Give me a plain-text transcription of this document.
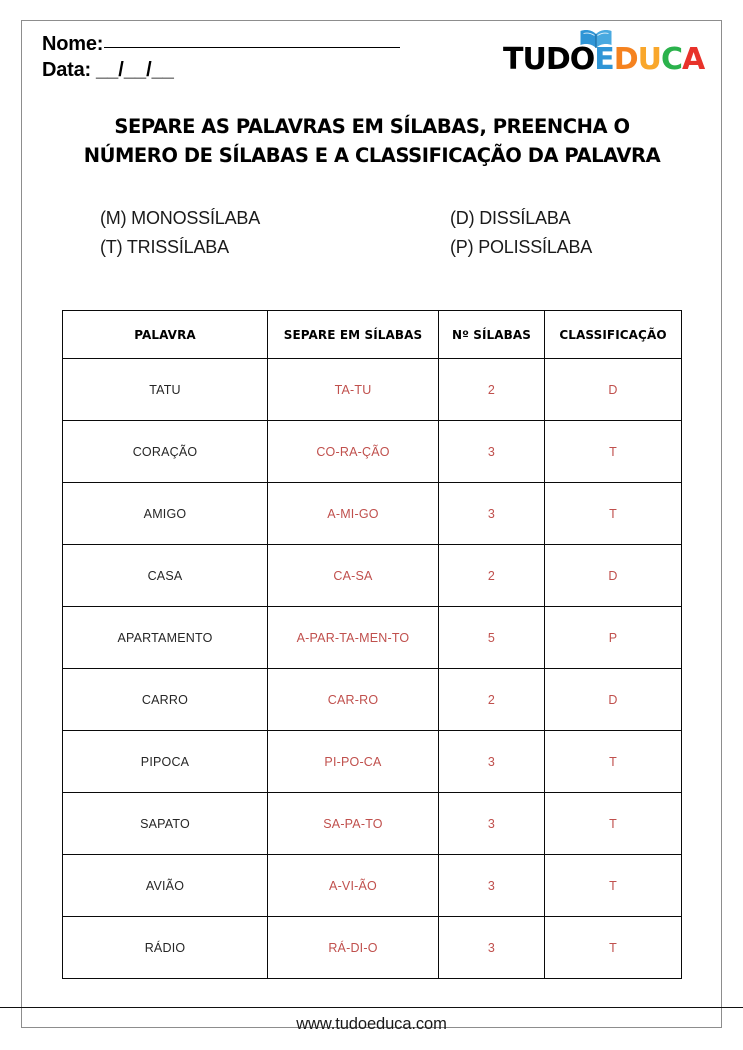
Nome:
Data: __/__/__	TUDOEDUCA
SEPARE AS PALAVRAS EM SÍLABAS, PREENCHA O
NÚMERO DE SÍLABAS E A CLASSIFICAÇÃO DA PALAVRA
(M) MONOSSÍLABA	(D) DISSÍLABA
(T) TRISSÍLABA	(P) POLISSÍLABA
PALAVRA	SEPARE EM SÍLABAS	Nº SÍLABAS	CLASSIFICAÇÃO
TATU	TA-TU	2	D
CORAÇÃO	CO-RA-ÇÃO	3	T
AMIGO	A-MI-GO	3	T
CASA	CA-SA	2	D
APARTAMENTO	A-PAR-TA-MEN-TO	5	P
CARRO	CAR-RO	2	D
PIPOCA	PI-PO-CA	3	T
SAPATO	SA-PA-TO	3	T
AVIÃO	A-VI-ÃO	3	T
RÁDIO	RÁ-DI-O	3	T
www.tudoeduca.com
